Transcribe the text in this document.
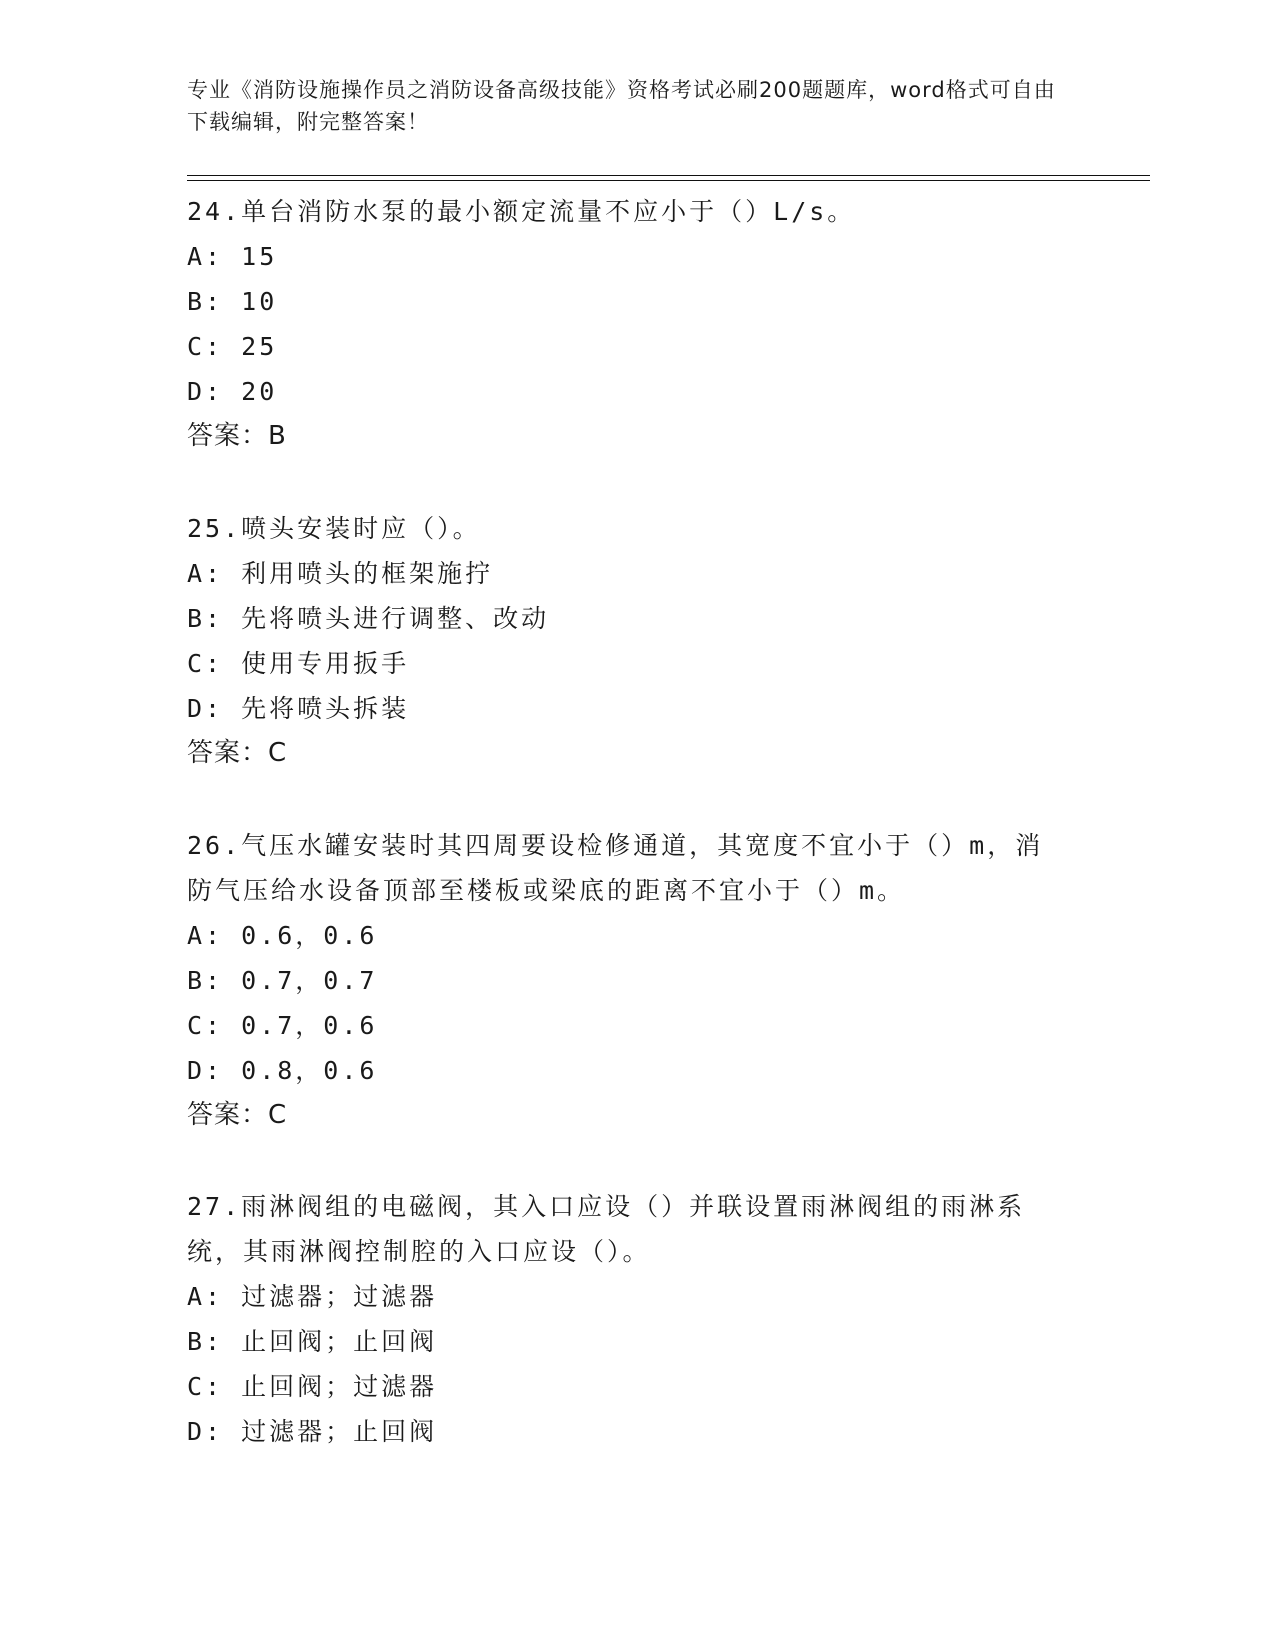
专业《消防设施操作员之消防设备高级技能》资格考试必刷200题题库，word格式可自由下载编辑，附完整答案！

24.单台消防水泵的最小额定流量不应小于（）L/s。

A: 15

B: 10

C: 25

D: 20

答案：B

25.喷头安装时应（）。

A: 利用喷头的框架施拧

B: 先将喷头进行调整、改动

C: 使用专用扳手

D: 先将喷头拆装

答案：C

26.气压水罐安装时其四周要设检修通道，其宽度不宜小于（）m，消防气压给水设备顶部至楼板或梁底的距离不宜小于（）m。

A: 0.6，0.6

B: 0.7，0.7

C: 0.7，0.6

D: 0.8，0.6

答案：C

27.雨淋阀组的电磁阀，其入口应设（）并联设置雨淋阀组的雨淋系统，其雨淋阀控制腔的入口应设（）。

A: 过滤器；过滤器

B: 止回阀；止回阀

C: 止回阀；过滤器

D: 过滤器；止回阀
